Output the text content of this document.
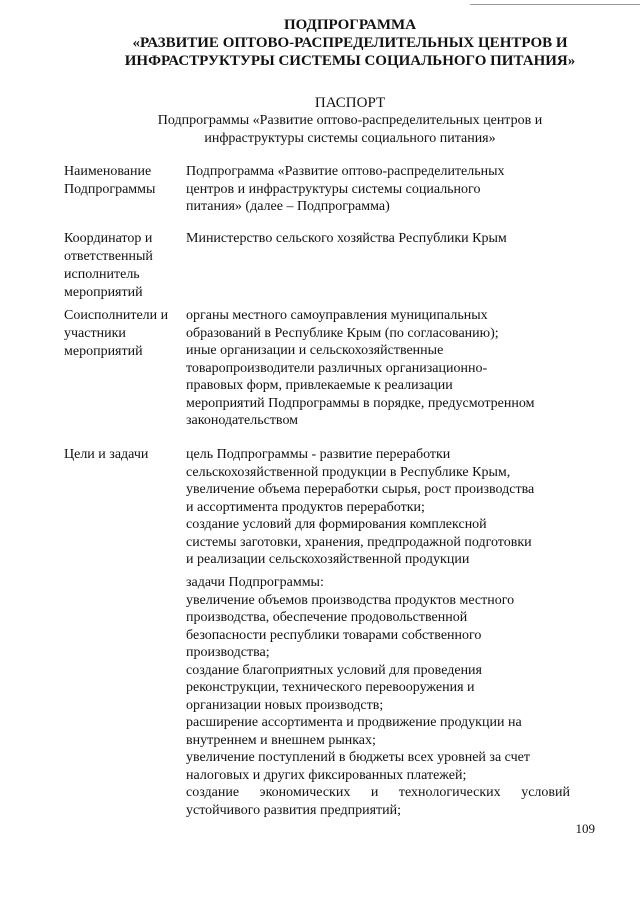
ПОДПРОГРАММА
«РАЗВИТИЕ ОПТОВО-РАСПРЕДЕЛИТЕЛЬНЫХ ЦЕНТРОВ И
ИНФРАСТРУКТУРЫ СИСТЕМЫ СОЦИАЛЬНОГО ПИТАНИЯ»
ПАСПОРТ
Подпрограммы «Развитие оптово-распределительных центров и
инфраструктуры системы социального питания»
Наименование
Подпрограммы
Подпрограмма «Развитие оптово-распределительных
центров и инфраструктуры системы социального
питания» (далее – Подпрограмма)
Координатор и
ответственный
исполнитель
мероприятий
Министерство сельского хозяйства Республики Крым
Соисполнители и
участники
мероприятий
органы местного самоуправления муниципальных
образований в Республике Крым (по согласованию);
иные организации и сельскохозяйственные
товаропроизводители различных организационно-
правовых форм, привлекаемые к реализации
мероприятий Подпрограммы в порядке, предусмотренном
законодательством
Цели и задачи	цель Подпрограммы - развитие переработки
сельскохозяйственной продукции в Республике Крым,
увеличение объема переработки сырья, рост производства
и ассортимента продуктов переработки;
создание условий для формирования комплексной
системы заготовки, хранения, предпродажной подготовки
и реализации сельскохозяйственной продукции
задачи Подпрограммы:
увеличение объемов производства продуктов местного
производства, обеспечение продовольственной
безопасности республики товарами собственного
производства;
создание благоприятных условий для проведения
реконструкции, технического перевооружения и
организации новых производств;
расширение ассортимента и продвижение продукции на
внутреннем и внешнем рынках;
увеличение поступлений в бюджеты всех уровней за счет
налоговых и других фиксированных платежей;
создание экономических и технологических условий
устойчивого развития предприятий;
109
